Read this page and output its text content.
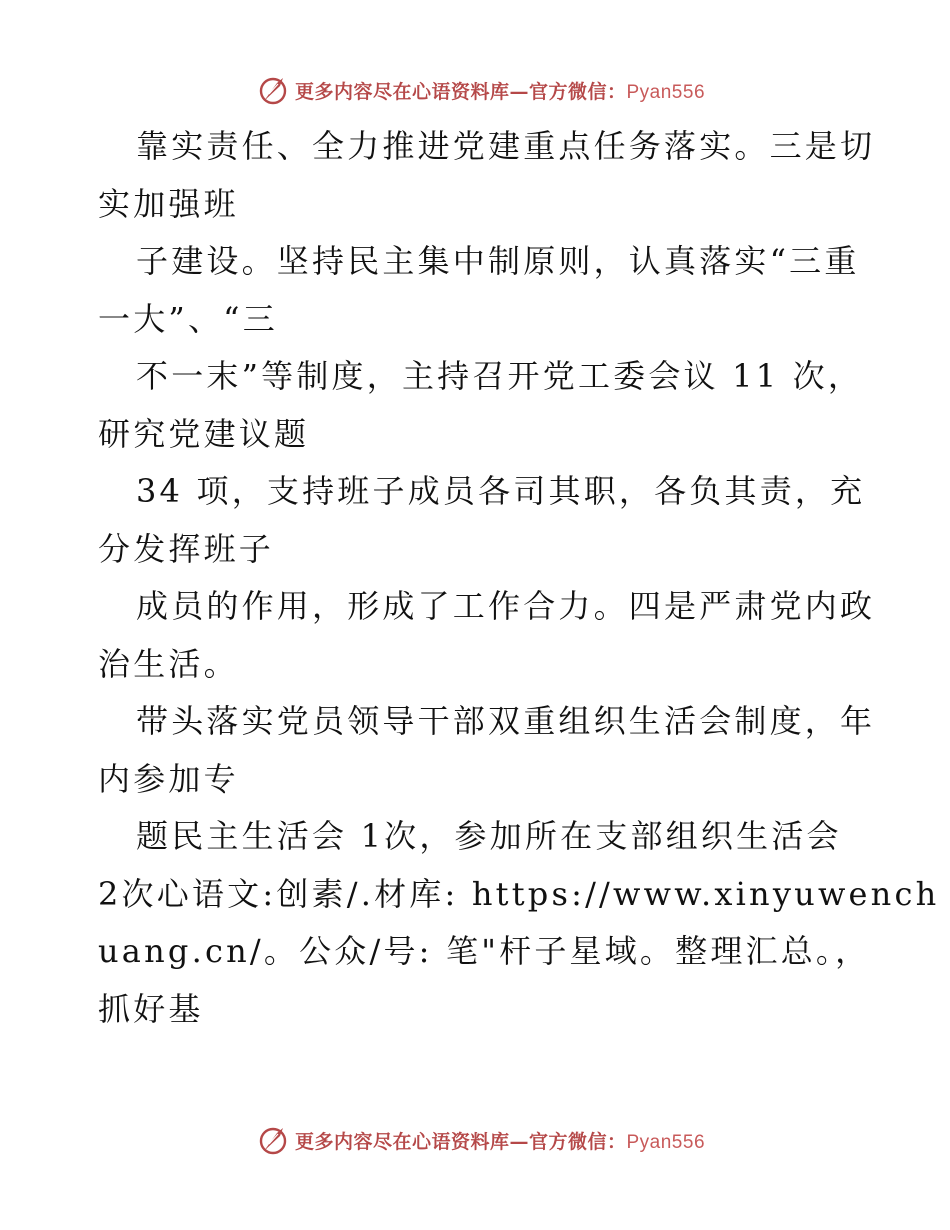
更多内容尽在心语资料库—官方微信：Pyan556
靠实责任、全力推进党建重点任务落实。三是切
实加强班
子建设。坚持民主集中制原则，认真落实“三重
一大”、“三
不一末”等制度，主持召开党工委会议 11 次，
研究党建议题
34 项，支持班子成员各司其职，各负其责，充
分发挥班子
成员的作用，形成了工作合力。四是严肃党内政
治生活。
带头落实党员领导干部双重组织生活会制度，年
内参加专
题民主生活会 1次，参加所在支部组织生活会
2次心语文:创素/.材库: https://www.xinyuwench
uang.cn/。公众/号: 笔"杆子星域。整理汇总。，
抓好基
更多内容尽在心语资料库—官方微信：Pyan556
